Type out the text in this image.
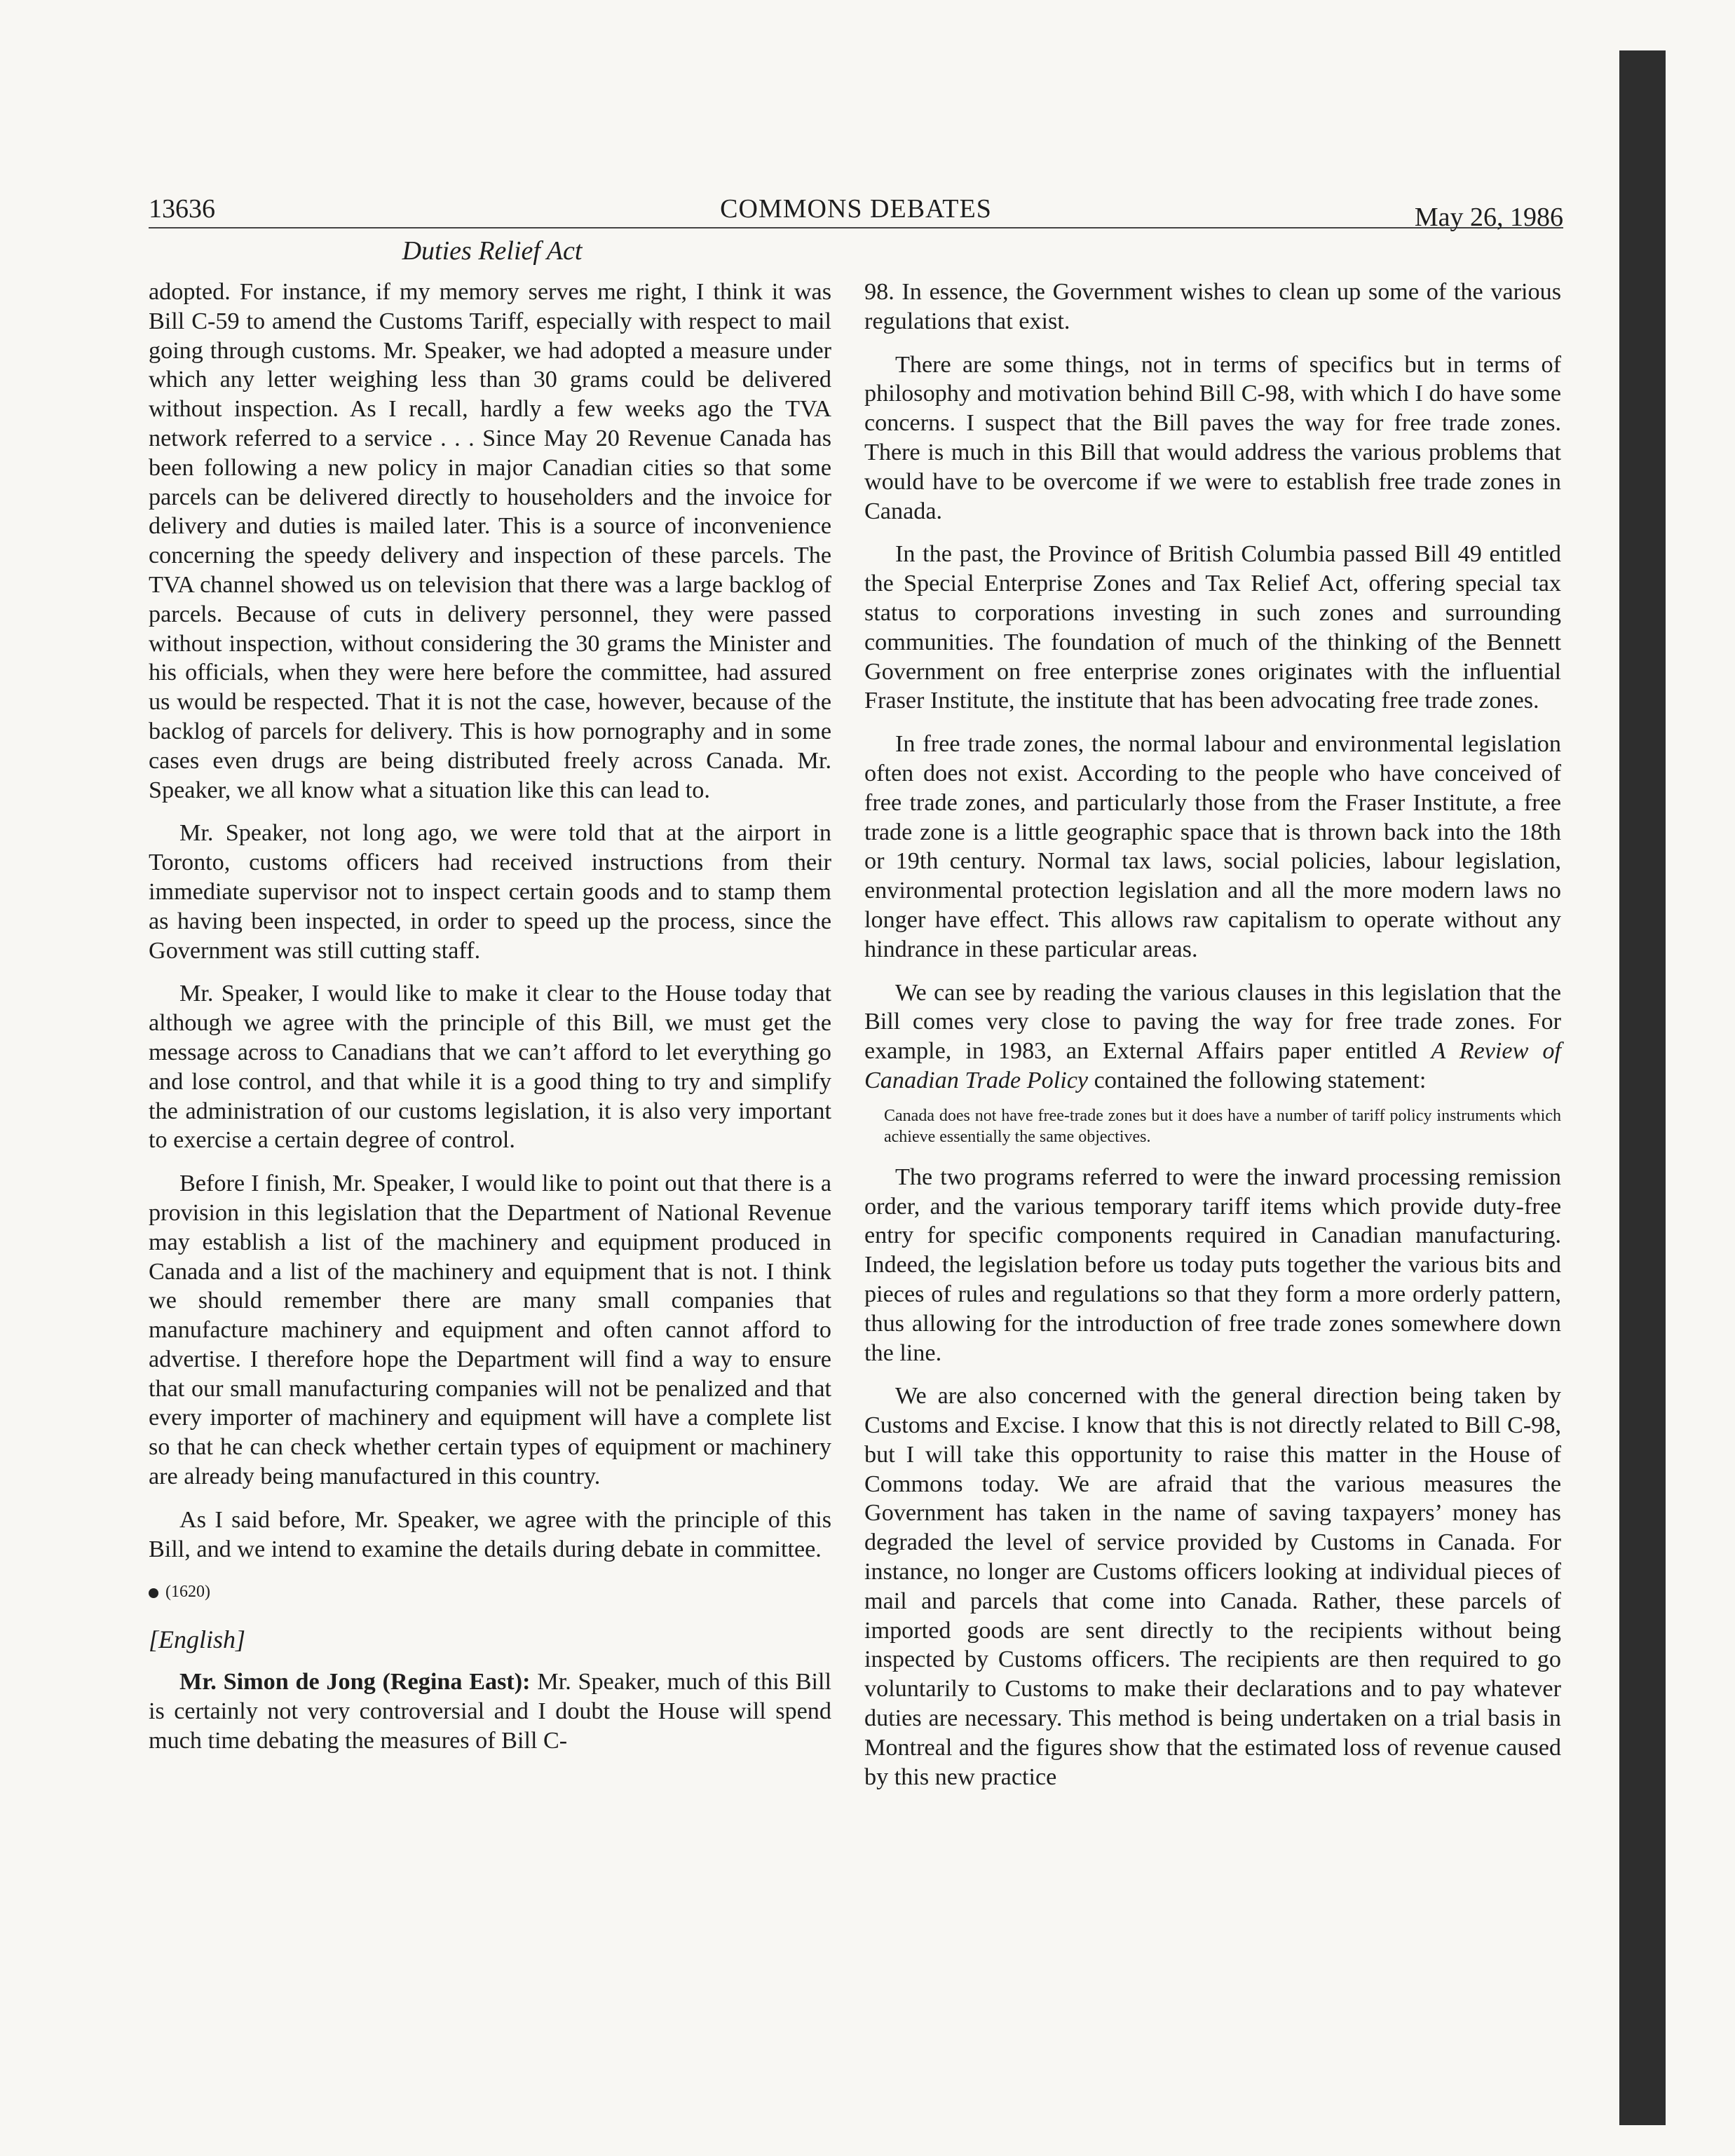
13636	COMMONS DEBATES	May 26, 1986
Duties Relief Act

adopted. For instance, if my memory serves me right, I think it was Bill C-59 to amend the Customs Tariff, especially with respect to mail going through customs. Mr. Speaker, we had adopted a measure under which any letter weighing less than 30 grams could be delivered without inspection. As I recall, hardly a few weeks ago the TVA network referred to a service . . . Since May 20 Revenue Canada has been following a new policy in major Canadian cities so that some parcels can be delivered directly to householders and the invoice for delivery and duties is mailed later. This is a source of inconvenience concerning the speedy delivery and inspection of these parcels. The TVA channel showed us on television that there was a large backlog of parcels. Because of cuts in delivery personnel, they were passed without inspection, without considering the 30 grams the Minister and his officials, when they were here before the committee, had assured us would be respected. That it is not the case, however, because of the backlog of parcels for delivery. This is how pornography and in some cases even drugs are being distributed freely across Canada. Mr. Speaker, we all know what a situation like this can lead to.

Mr. Speaker, not long ago, we were told that at the airport in Toronto, customs officers had received instructions from their immediate supervisor not to inspect certain goods and to stamp them as having been inspected, in order to speed up the process, since the Government was still cutting staff.

Mr. Speaker, I would like to make it clear to the House today that although we agree with the principle of this Bill, we must get the message across to Canadians that we can’t afford to let everything go and lose control, and that while it is a good thing to try and simplify the administration of our customs legislation, it is also very important to exercise a certain degree of control.

Before I finish, Mr. Speaker, I would like to point out that there is a provision in this legislation that the Department of National Revenue may establish a list of the machinery and equipment produced in Canada and a list of the machinery and equipment that is not. I think we should remember there are many small companies that manufacture machinery and equipment and often cannot afford to advertise. I therefore hope the Department will find a way to ensure that our small manufacturing companies will not be penalized and that every importer of machinery and equipment will have a complete list so that he can check whether certain types of equipment or machinery are already being manufactured in this country.

As I said before, Mr. Speaker, we agree with the principle of this Bill, and we intend to examine the details during debate in committee.

(1620)

[English]

Mr. Simon de Jong (Regina East): Mr. Speaker, much of this Bill is certainly not very controversial and I doubt the House will spend much time debating the measures of Bill C-

98. In essence, the Government wishes to clean up some of the various regulations that exist.

There are some things, not in terms of specifics but in terms of philosophy and motivation behind Bill C-98, with which I do have some concerns. I suspect that the Bill paves the way for free trade zones. There is much in this Bill that would address the various problems that would have to be overcome if we were to establish free trade zones in Canada.

In the past, the Province of British Columbia passed Bill 49 entitled the Special Enterprise Zones and Tax Relief Act, offering special tax status to corporations investing in such zones and surrounding communities. The foundation of much of the thinking of the Bennett Government on free enterprise zones originates with the influential Fraser Institute, the institute that has been advocating free trade zones.

In free trade zones, the normal labour and environmental legislation often does not exist. According to the people who have conceived of free trade zones, and particularly those from the Fraser Institute, a free trade zone is a little geographic space that is thrown back into the 18th or 19th century. Normal tax laws, social policies, labour legislation, environmental protection legislation and all the more modern laws no longer have effect. This allows raw capitalism to operate without any hindrance in these particular areas.

We can see by reading the various clauses in this legislation that the Bill comes very close to paving the way for free trade zones. For example, in 1983, an External Affairs paper entitled A Review of Canadian Trade Policy contained the following statement:

Canada does not have free-trade zones but it does have a number of tariff policy instruments which achieve essentially the same objectives.

The two programs referred to were the inward processing remission order, and the various temporary tariff items which provide duty-free entry for specific components required in Canadian manufacturing. Indeed, the legislation before us today puts together the various bits and pieces of rules and regulations so that they form a more orderly pattern, thus allowing for the introduction of free trade zones somewhere down the line.

We are also concerned with the general direction being taken by Customs and Excise. I know that this is not directly related to Bill C-98, but I will take this opportunity to raise this matter in the House of Commons today. We are afraid that the various measures the Government has taken in the name of saving taxpayers’ money has degraded the level of service provided by Customs in Canada. For instance, no longer are Customs officers looking at individual pieces of mail and parcels that come into Canada. Rather, these parcels of imported goods are sent directly to the recipients without being inspected by Customs officers. The recipients are then required to go voluntarily to Customs to make their declarations and to pay whatever duties are necessary. This method is being undertaken on a trial basis in Montreal and the figures show that the estimated loss of revenue caused by this new practice
